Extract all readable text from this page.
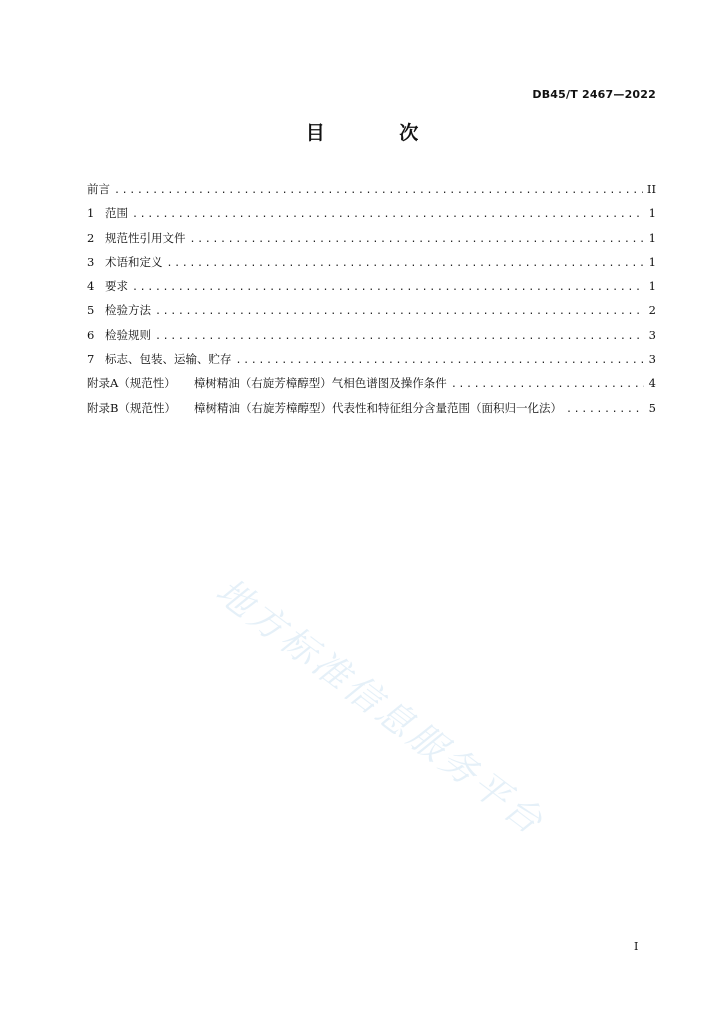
DB45/T 2467—2022
目 次
前言 .....	II
1 范围 .....	1
2 规范性引用文件 .....	1
3 术语和定义 .....	1
4 要求 .....	1
5 检验方法 .....	2
6 检验规则 .....	3
7 标志、包装、运输、贮存 .....	3
附录A（规范性） 樟树精油（右旋芳樟醇型）气相色谱图及操作条件 .....	4
附录B（规范性） 樟树精油（右旋芳樟醇型）代表性和特征组分含量范围（面积归一化法） .....	5
地方标准信息服务平台
I
